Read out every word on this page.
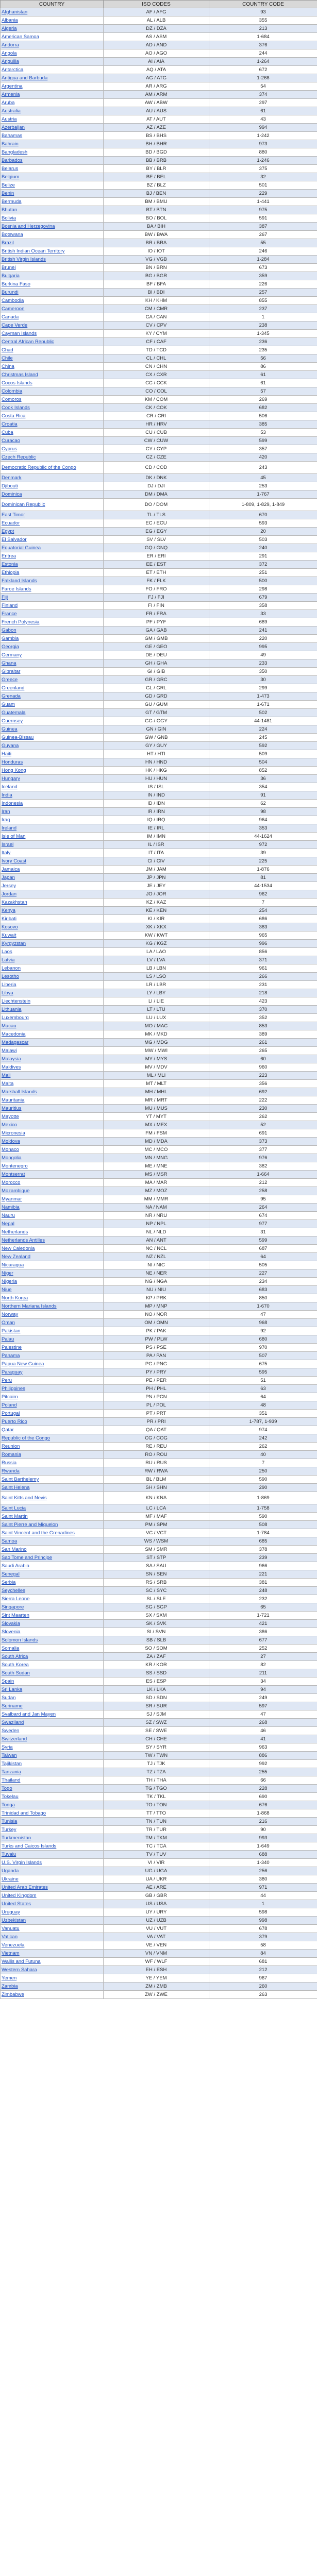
COUNTRY	ISO CODES	COUNTRY CODE
Afghanistan	AF / AFG	93
Albania	AL / ALB	355
Algeria	DZ / DZA	213
American Samoa	AS / ASM	1-684
Andorra	AD / AND	376
Angola	AO / AGO	244
Anguilla	AI / AIA	1-264
Antarctica	AQ / ATA	672
Antigua and Barbuda	AG / ATG	1-268
Argentina	AR / ARG	54
Armenia	AM / ARM	374
Aruba	AW / ABW	297
Australia	AU / AUS	61
Austria	AT / AUT	43
Azerbaijan	AZ / AZE	994
Bahamas	BS / BHS	1-242
Bahrain	BH / BHR	973
Bangladesh	BD / BGD	880
Barbados	BB / BRB	1-246
Belarus	BY / BLR	375
Belgium	BE / BEL	32
Belize	BZ / BLZ	501
Benin	BJ / BEN	229
Bermuda	BM / BMU	1-441
Bhutan	BT / BTN	975
Bolivia	BO / BOL	591
Bosnia and Herzegovina	BA / BIH	387
Botswana	BW / BWA	267
Brazil	BR / BRA	55
British Indian Ocean Territory	IO / IOT	246
British Virgin Islands	VG / VGB	1-284
Brunei	BN / BRN	673
Bulgaria	BG / BGR	359
Burkina Faso	BF / BFA	226
Burundi	BI / BDI	257
Cambodia	KH / KHM	855
Cameroon	CM / CMR	237
Canada	CA / CAN	1
Cape Verde	CV / CPV	238
Cayman Islands	KY / CYM	1-345
Central African Republic	CF / CAF	236
Chad	TD / TCD	235
Chile	CL / CHL	56
China	CN / CHN	86
Christmas Island	CX / CXR	61
Cocos Islands	CC / CCK	61
Colombia	CO / COL	57
Comoros	KM / COM	269
Cook Islands	CK / COK	682
Costa Rica	CR / CRI	506
Croatia	HR / HRV	385
Cuba	CU / CUB	53
Curacao	CW / CUW	599
Cyprus	CY / CYP	357
Czech Republic	CZ / CZE	420
Democratic Republic of the Congo	CD / COD	243
Denmark	DK / DNK	45
Djibouti	DJ / DJI	253
Dominica	DM / DMA	1-767
Dominican Republic	DO / DOM	1-809, 1-829, 1-849
East Timor	TL / TLS	670
Ecuador	EC / ECU	593
Egypt	EG / EGY	20
El Salvador	SV / SLV	503
Equatorial Guinea	GQ / GNQ	240
Eritrea	ER / ERI	291
Estonia	EE / EST	372
Ethiopia	ET / ETH	251
Falkland Islands	FK / FLK	500
Faroe Islands	FO / FRO	298
Fiji	FJ / FJI	679
Finland	FI / FIN	358
France	FR / FRA	33
French Polynesia	PF / PYF	689
Gabon	GA / GAB	241
Gambia	GM / GMB	220
Georgia	GE / GEO	995
Germany	DE / DEU	49
Ghana	GH / GHA	233
Gibraltar	GI / GIB	350
Greece	GR / GRC	30
Greenland	GL / GRL	299
Grenada	GD / GRD	1-473
Guam	GU / GUM	1-671
Guatemala	GT / GTM	502
Guernsey	GG / GGY	44-1481
Guinea	GN / GIN	224
Guinea-Bissau	GW / GNB	245
Guyana	GY / GUY	592
Haiti	HT / HTI	509
Honduras	HN / HND	504
Hong Kong	HK / HKG	852
Hungary	HU / HUN	36
Iceland	IS / ISL	354
India	IN / IND	91
Indonesia	ID / IDN	62
Iran	IR / IRN	98
Iraq	IQ / IRQ	964
Ireland	IE / IRL	353
Isle of Man	IM / IMN	44-1624
Israel	IL / ISR	972
Italy	IT / ITA	39
Ivory Coast	CI / CIV	225
Jamaica	JM / JAM	1-876
Japan	JP / JPN	81
Jersey	JE / JEY	44-1534
Jordan	JO / JOR	962
Kazakhstan	KZ / KAZ	7
Kenya	KE / KEN	254
Kiribati	KI / KIR	686
Kosovo	XK / XKX	383
Kuwait	KW / KWT	965
Kyrgyzstan	KG / KGZ	996
Laos	LA / LAO	856
Latvia	LV / LVA	371
Lebanon	LB / LBN	961
Lesotho	LS / LSO	266
Liberia	LR / LBR	231
Libya	LY / LBY	218
Liechtenstein	LI / LIE	423
Lithuania	LT / LTU	370
Luxembourg	LU / LUX	352
Macau	MO / MAC	853
Macedonia	MK / MKD	389
Madagascar	MG / MDG	261
Malawi	MW / MWI	265
Malaysia	MY / MYS	60
Maldives	MV / MDV	960
Mali	ML / MLI	223
Malta	MT / MLT	356
Marshall Islands	MH / MHL	692
Mauritania	MR / MRT	222
Mauritius	MU / MUS	230
Mayotte	YT / MYT	262
Mexico	MX / MEX	52
Micronesia	FM / FSM	691
Moldova	MD / MDA	373
Monaco	MC / MCO	377
Mongolia	MN / MNG	976
Montenegro	ME / MNE	382
Montserrat	MS / MSR	1-664
Morocco	MA / MAR	212
Mozambique	MZ / MOZ	258
Myanmar	MM / MMR	95
Namibia	NA / NAM	264
Nauru	NR / NRU	674
Nepal	NP / NPL	977
Netherlands	NL / NLD	31
Netherlands Antilles	AN / ANT	599
New Caledonia	NC / NCL	687
New Zealand	NZ / NZL	64
Nicaragua	NI / NIC	505
Niger	NE / NER	227
Nigeria	NG / NGA	234
Niue	NU / NIU	683
North Korea	KP / PRK	850
Northern Mariana Islands	MP / MNP	1-670
Norway	NO / NOR	47
Oman	OM / OMN	968
Pakistan	PK / PAK	92
Palau	PW / PLW	680
Palestine	PS / PSE	970
Panama	PA / PAN	507
Papua New Guinea	PG / PNG	675
Paraguay	PY / PRY	595
Peru	PE / PER	51
Philippines	PH / PHL	63
Pitcairn	PN / PCN	64
Poland	PL / POL	48
Portugal	PT / PRT	351
Puerto Rico	PR / PRI	1-787, 1-939
Qatar	QA / QAT	974
Republic of the Congo	CG / COG	242
Reunion	RE / REU	262
Romania	RO / ROU	40
Russia	RU / RUS	7
Rwanda	RW / RWA	250
Saint Barthelemy	BL / BLM	590
Saint Helena	SH / SHN	290
Saint Kitts and Nevis	KN / KNA	1-869
Saint Lucia	LC / LCA	1-758
Saint Martin	MF / MAF	590
Saint Pierre and Miquelon	PM / SPM	508
Saint Vincent and the Grenadines	VC / VCT	1-784
Samoa	WS / WSM	685
San Marino	SM / SMR	378
Sao Tome and Principe	ST / STP	239
Saudi Arabia	SA / SAU	966
Senegal	SN / SEN	221
Serbia	RS / SRB	381
Seychelles	SC / SYC	248
Sierra Leone	SL / SLE	232
Singapore	SG / SGP	65
Sint Maarten	SX / SXM	1-721
Slovakia	SK / SVK	421
Slovenia	SI / SVN	386
Solomon Islands	SB / SLB	677
Somalia	SO / SOM	252
South Africa	ZA / ZAF	27
South Korea	KR / KOR	82
South Sudan	SS / SSD	211
Spain	ES / ESP	34
Sri Lanka	LK / LKA	94
Sudan	SD / SDN	249
Suriname	SR / SUR	597
Svalbard and Jan Mayen	SJ / SJM	47
Swaziland	SZ / SWZ	268
Sweden	SE / SWE	46
Switzerland	CH / CHE	41
Syria	SY / SYR	963
Taiwan	TW / TWN	886
Tajikistan	TJ / TJK	992
Tanzania	TZ / TZA	255
Thailand	TH / THA	66
Togo	TG / TGO	228
Tokelau	TK / TKL	690
Tonga	TO / TON	676
Trinidad and Tobago	TT / TTO	1-868
Tunisia	TN / TUN	216
Turkey	TR / TUR	90
Turkmenistan	TM / TKM	993
Turks and Caicos Islands	TC / TCA	1-649
Tuvalu	TV / TUV	688
U.S. Virgin Islands	VI / VIR	1-340
Uganda	UG / UGA	256
Ukraine	UA / UKR	380
United Arab Emirates	AE / ARE	971
United Kingdom	GB / GBR	44
United States	US / USA	1
Uruguay	UY / URY	598
Uzbekistan	UZ / UZB	998
Vanuatu	VU / VUT	678
Vatican	VA / VAT	379
Venezuela	VE / VEN	58
Vietnam	VN / VNM	84
Wallis and Futuna	WF / WLF	681
Western Sahara	EH / ESH	212
Yemen	YE / YEM	967
Zambia	ZM / ZMB	260
Zimbabwe	ZW / ZWE	263
